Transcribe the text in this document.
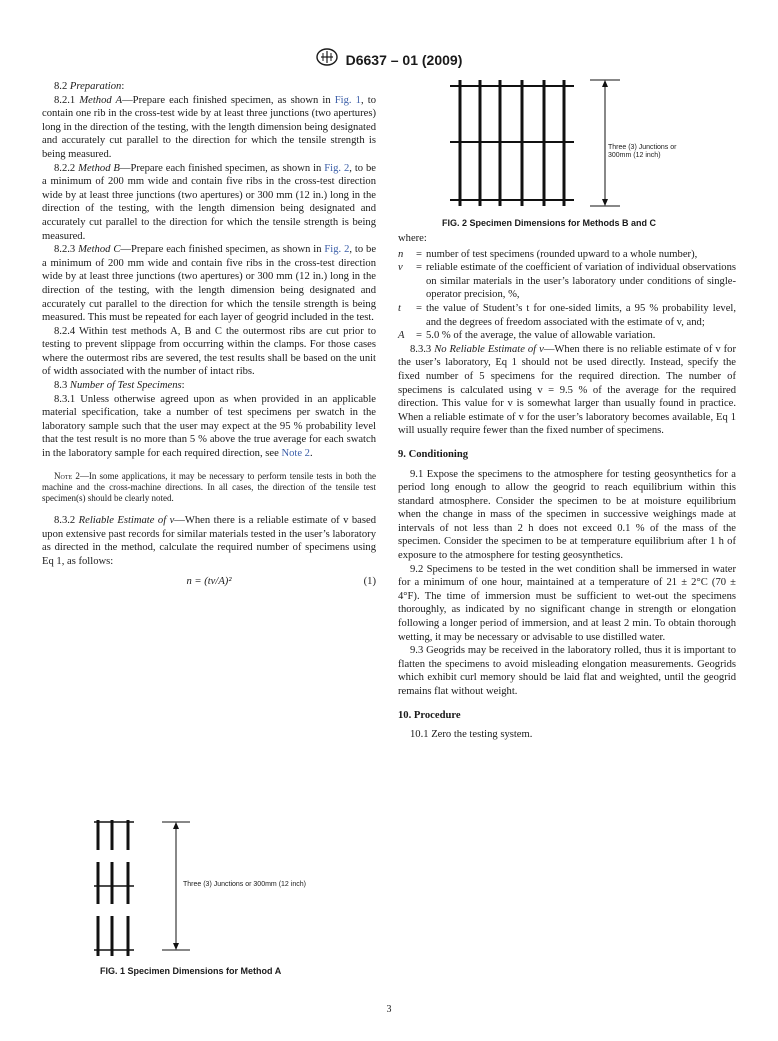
D6637 – 01 (2009)

8.2 Preparation:

8.2.1 Method A—Prepare each finished specimen, as shown in Fig. 1, to contain one rib in the cross-test wide by at least three junctions (two apertures) long in the direction of the testing, with the length dimension being designated and accurately cut parallel to the direction for which the tensile strength is being measured.

8.2.2 Method B—Prepare each finished specimen, as shown in Fig. 2, to be a minimum of 200 mm wide and contain five ribs in the cross-test direction wide by at least three junctions (two apertures) or 300 mm (12 in.) long in the direction of the testing, with the length dimension being designated and accurately cut parallel to the direction for which the tensile strength is being measured.

8.2.3 Method C—Prepare each finished specimen, as shown in Fig. 2, to be a minimum of 200 mm wide and contain five ribs in the cross-test direction wide by at least three junctions (two apertures) or 300 mm (12 in.) long in the direction of the testing, with the length dimension being designated and accurately cut parallel to the direction for which the tensile strength is being measured. This must be repeated for each layer of geogrid included in the test.

8.2.4 Within test methods A, B and C the outermost ribs are cut prior to testing to prevent slippage from occurring within the clamps. For those cases where the outermost ribs are severed, the test results shall be based on the unit of width associated with the number of intact ribs.

8.3 Number of Test Specimens:

8.3.1 Unless otherwise agreed upon as when provided in an applicable material specification, take a number of test specimens per swatch in the laboratory sample such that the user may expect at the 95 % probability level that the test result is no more than 5 % above the true average for each swatch in the laboratory sample for each required direction, see Note 2.

Note 2—In some applications, it may be necessary to perform tensile tests in both the machine and the cross-machine directions. In all cases, the direction of the tensile test specimen(s) should be clearly noted.

8.3.2 Reliable Estimate of v—When there is a reliable estimate of v based upon extensive past records for similar materials tested in the user’s laboratory as directed in the method, calculate the required number of specimens using Eq 1, as follows:

n = (tv/A)²	(1)
Three (3) Junctions or 300mm (12 inch)
FIG. 1 Specimen Dimensions for Method A
Three (3) Junctions or
300mm (12 inch)
FIG. 2 Specimen Dimensions for Methods B and C

where:

n	= number of test specimens (rounded upward to a whole number),
v	= reliable estimate of the coefficient of variation of individual observations on similar materials in the user’s laboratory under conditions of single-operator precision, %,
t	= the value of Student’s t for one-sided limits, a 95 % probability level, and the degrees of freedom associated with the estimate of v, and;
A	= 5.0 % of the average, the value of allowable variation.

8.3.3 No Reliable Estimate of v—When there is no reliable estimate of v for the user’s laboratory, Eq 1 should not be used directly. Instead, specify the fixed number of 5 specimens for the required direction. The number of specimens is calculated using v = 9.5 % of the average for the required direction. This value for v is somewhat larger than usually found in practice. When a reliable estimate of v for the user’s laboratory becomes available, Eq 1 will usually require fewer than the fixed number of specimens.

9. Conditioning

9.1 Expose the specimens to the atmosphere for testing geosynthetics for a period long enough to allow the geogrid to reach equilibrium within this standard atmosphere. Consider the specimen to be at moisture equilibrium when the change in mass of the specimen in successive weighings made at intervals of not less than 2 h does not exceed 0.1 % of the mass of the specimen. Consider the specimen to be at temperature equilibrium after 1 h of exposure to the atmosphere for testing geosynthetics.

9.2 Specimens to be tested in the wet condition shall be immersed in water for a minimum of one hour, maintained at a temperature of 21 ± 2°C (70 ± 4°F). The time of immersion must be sufficient to wet-out the specimens thoroughly, as indicated by no significant change in strength or elongation following a longer period of immersion, and at least 2 min. To obtain thorough wetting, it may be necessary or advisable to use distilled water.

9.3 Geogrids may be received in the laboratory rolled, thus it is important to flatten the specimens to avoid misleading elongation measurements. Geogrids which exhibit curl memory should be laid flat and weighted, until the geogrid remains flat without weight.

10. Procedure

10.1 Zero the testing system.

3
